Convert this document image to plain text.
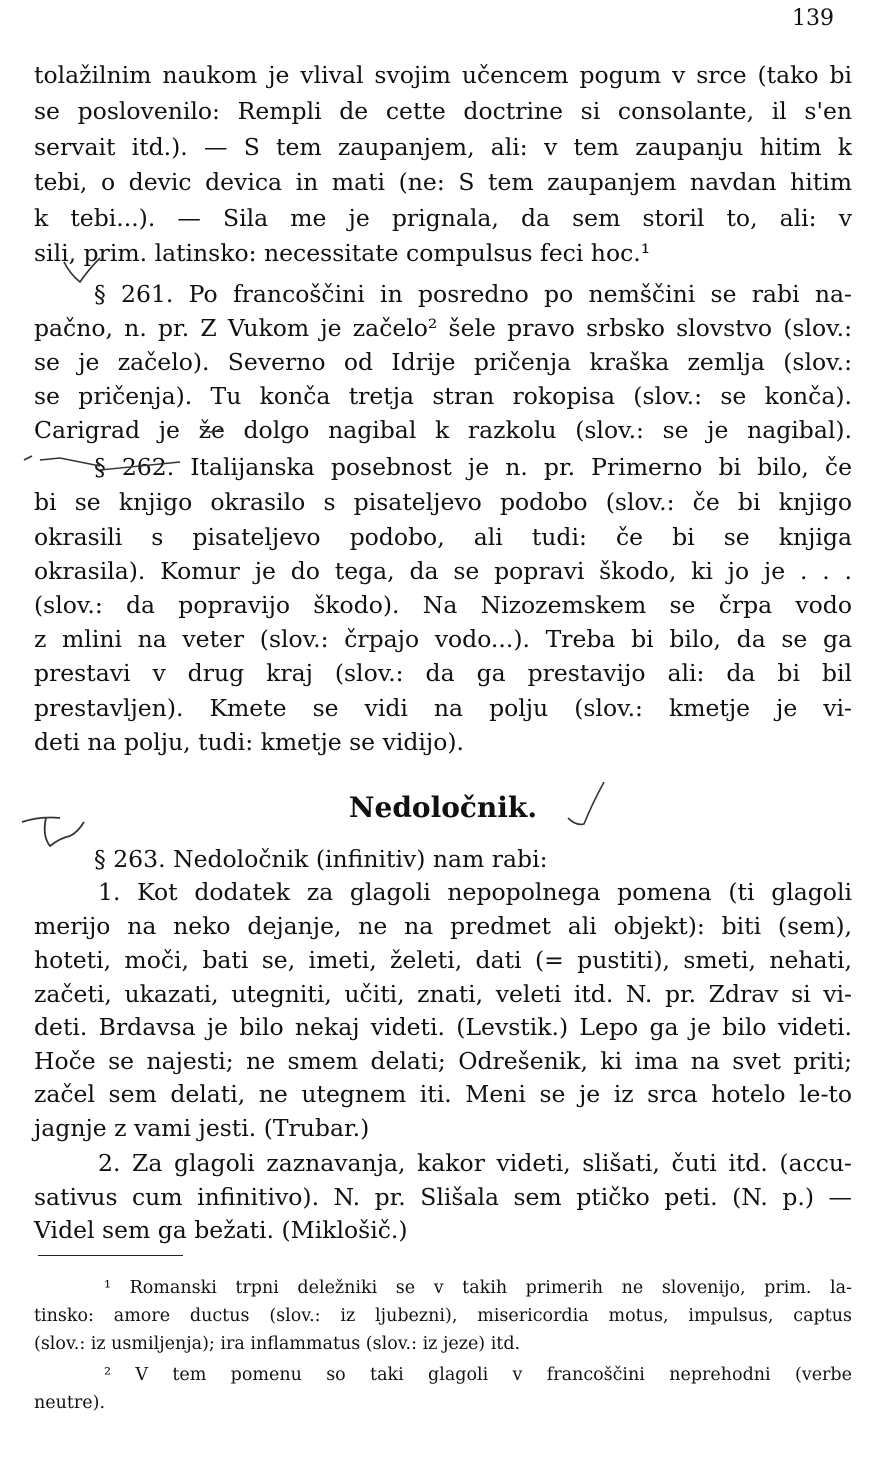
139
tolažilnim naukom je vlival svojim učencem pogum v srce (tako bi
se poslovenilo: Rempli de cette doctrine si consolante, il s'en
servait itd.). — S tem zaupanjem, ali: v tem zaupanju hitim k
tebi, o devic devica in mati (ne: S tem zaupanjem navdan hitim
k tebi...). — Sila me je prignala, da sem storil to, ali: v
sili, prim. latinsko: necessitate compulsus feci hoc.¹
§ 261. Po francoščini in posredno po nemščini se rabi na-
pačno, n. pr. Z Vukom je začelo² šele pravo srbsko slovstvo (slov.:
se je začelo). Severno od Idrije pričenja kraška zemlja (slov.:
se pričenja). Tu konča tretja stran rokopisa (slov.: se konča).
Carigrad je že dolgo nagibal k razkolu (slov.: se je nagibal).
§ 262. Italijanska posebnost je n. pr. Primerno bi bilo, če
bi se knjigo okrasilo s pisateljevo podobo (slov.: če bi knjigo
okrasili s pisateljevo podobo, ali tudi: če bi se knjiga
okrasila). Komur je do tega, da se popravi škodo, ki jo je . . .
(slov.: da popravijo škodo). Na Nizozemskem se črpa vodo
z mlini na veter (slov.: črpajo vodo...). Treba bi bilo, da se ga
prestavi v drug kraj (slov.: da ga prestavijo ali: da bi bil
prestavljen). Kmete se vidi na polju (slov.: kmetje je vi-
deti na polju, tudi: kmetje se vidijo).
Nedoločnik.
§ 263. Nedoločnik (infinitiv) nam rabi:
1. Kot dodatek za glagoli nepopolnega pomena (ti glagoli
merijo na neko dejanje, ne na predmet ali objekt): biti (sem),
hoteti, moči, bati se, imeti, želeti, dati (= pustiti), smeti, nehati,
začeti, ukazati, utegniti, učiti, znati, veleti itd. N. pr. Zdrav si vi-
deti. Brdavsa je bilo nekaj videti. (Levstik.) Lepo ga je bilo videti.
Hoče se najesti; ne smem delati; Odrešenik, ki ima na svet priti;
začel sem delati, ne utegnem iti. Meni se je iz srca hotelo le-to
jagnje z vami jesti. (Trubar.)
2. Za glagoli zaznavanja, kakor videti, slišati, čuti itd. (accu-
sativus cum infinitivo). N. pr. Slišala sem ptičko peti. (N. p.) —
Videl sem ga bežati. (Miklošič.)
¹ Romanski trpni deležniki se v takih primerih ne slovenijo, prim. la-
tinsko: amore ductus (slov.: iz ljubezni), misericordia motus, impulsus, captus
(slov.: iz usmiljenja); ira inflammatus (slov.: iz jeze) itd.
² V tem pomenu so taki glagoli v francoščini neprehodni (verbe
neutre).
